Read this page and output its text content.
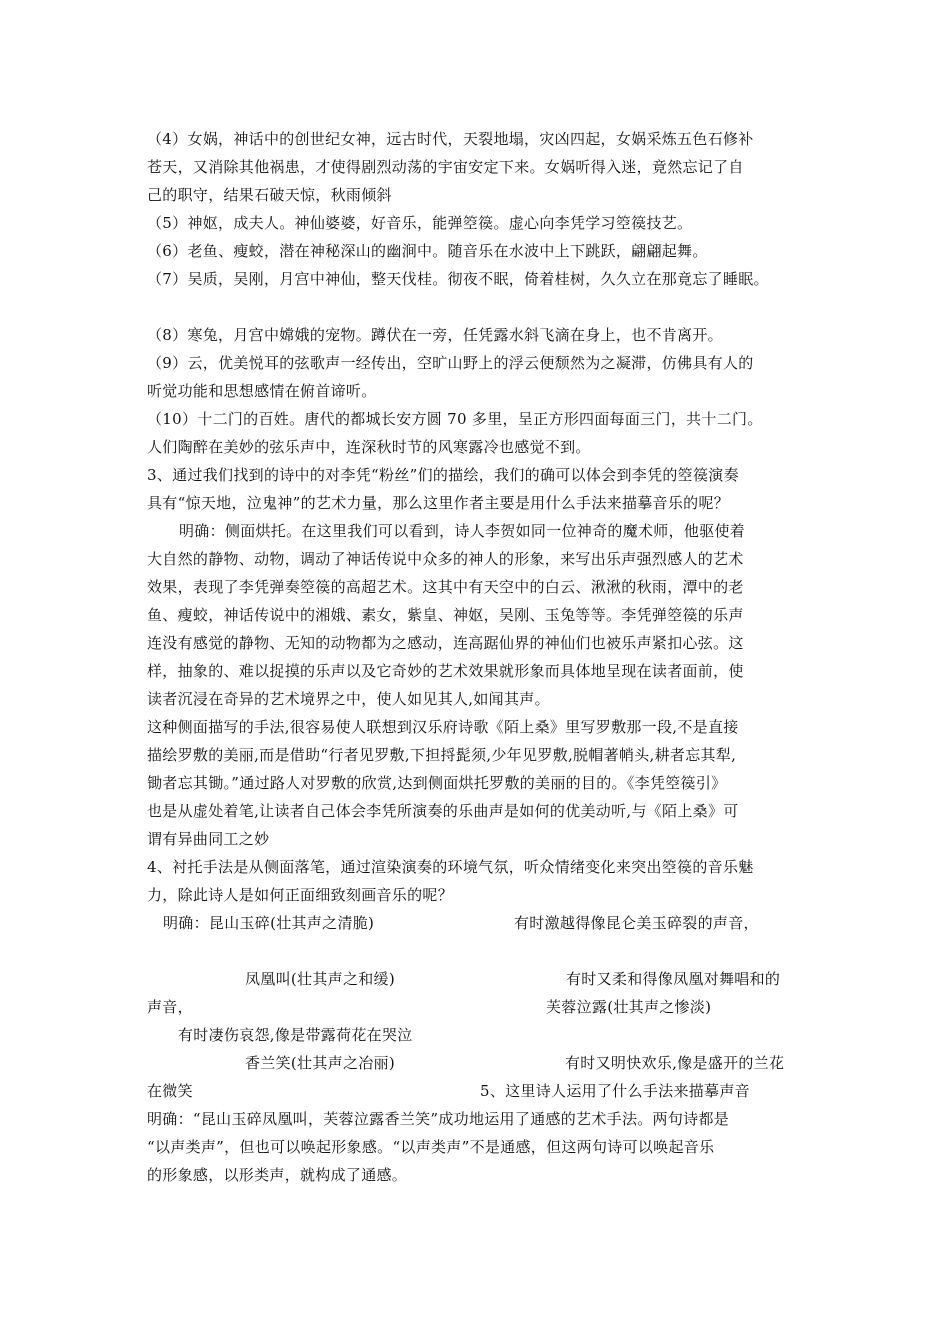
（4）女娲，神话中的创世纪女神，远古时代，天裂地塌，灾凶四起，女娲采炼五色石修补
苍天，又消除其他祸患，才使得剧烈动荡的宇宙安定下来。女娲听得入迷，竟然忘记了自
己的职守，结果石破天惊，秋雨倾斜
（5）神妪，成夫人。神仙婆婆，好音乐，能弹箜篌。虚心向李凭学习箜篌技艺。
（6）老鱼、瘦蛟，潜在神秘深山的幽涧中。随音乐在水波中上下跳跃，翩翩起舞。
（7）吴质，吴刚，月宫中神仙，整天伐桂。彻夜不眠，倚着桂树，久久立在那竟忘了睡眠。
（8）寒兔，月宫中嫦娥的宠物。蹲伏在一旁，任凭露水斜飞滴在身上，也不肯离开。
（9）云，优美悦耳的弦歌声一经传出，空旷山野上的浮云便颓然为之凝滞，仿佛具有人的
听觉功能和思想感情在俯首谛听。
（10）十二门的百姓。唐代的都城长安方圆 70 多里，呈正方形四面每面三门，共十二门。
人们陶醉在美妙的弦乐声中，连深秋时节的风寒露冷也感觉不到。
3、通过我们找到的诗中的对李凭“粉丝”们的描绘，我们的确可以体会到李凭的箜篌演奏
具有“惊天地，泣鬼神”的艺术力量，那么这里作者主要是用什么手法来描摹音乐的呢？
明确：侧面烘托。在这里我们可以看到，诗人李贺如同一位神奇的魔术师，他驱使着
大自然的静物、动物，调动了神话传说中众多的神人的形象，来写出乐声强烈感人的艺术
效果，表现了李凭弹奏箜篌的高超艺术。这其中有天空中的白云、湫湫的秋雨，潭中的老
鱼、瘦蛟，神话传说中的湘娥、素女，紫皇、神妪，吴刚、玉兔等等。李凭弹箜篌的乐声
连没有感觉的静物、无知的动物都为之感动，连高踞仙界的神仙们也被乐声紧扣心弦。这
样，抽象的、难以捉摸的乐声以及它奇妙的艺术效果就形象而具体地呈现在读者面前，使
读者沉浸在奇异的艺术境界之中，使人如见其人,如闻其声。
这种侧面描写的手法,很容易使人联想到汉乐府诗歌《陌上桑》里写罗敷那一段,不是直接
描绘罗敷的美丽,而是借助“行者见罗敷,下担捋髭须,少年见罗敷,脱帽著帩头,耕者忘其犁,
锄者忘其锄。”通过路人对罗敷的欣赏,达到侧面烘托罗敷的美丽的目的。《李凭箜篌引》
也是从虚处着笔,让读者自己体会李凭所演奏的乐曲声是如何的优美动听,与《陌上桑》可
谓有异曲同工之妙
4、衬托手法是从侧面落笔，通过渲染演奏的环境气氛，听众情绪变化来突出箜篌的音乐魅
力，除此诗人是如何正面细致刻画音乐的呢？
明确：昆山玉碎(壮其声之清脆)	有时激越得像昆仑美玉碎裂的声音，
凤凰叫(壮其声之和缓)	有时又柔和得像凤凰对舞唱和的
声音，	芙蓉泣露(壮其声之惨淡)
有时凄伤哀怨,像是带露荷花在哭泣
香兰笑(壮其声之冶丽)	有时又明快欢乐,像是盛开的兰花
在微笑	5、这里诗人运用了什么手法来描摹声音
明确：“昆山玉碎凤凰叫，芙蓉泣露香兰笑”成功地运用了通感的艺术手法。两句诗都是
“以声类声”，但也可以唤起形象感。“以声类声”不是通感，但这两句诗可以唤起音乐
的形象感，以形类声，就构成了通感。
